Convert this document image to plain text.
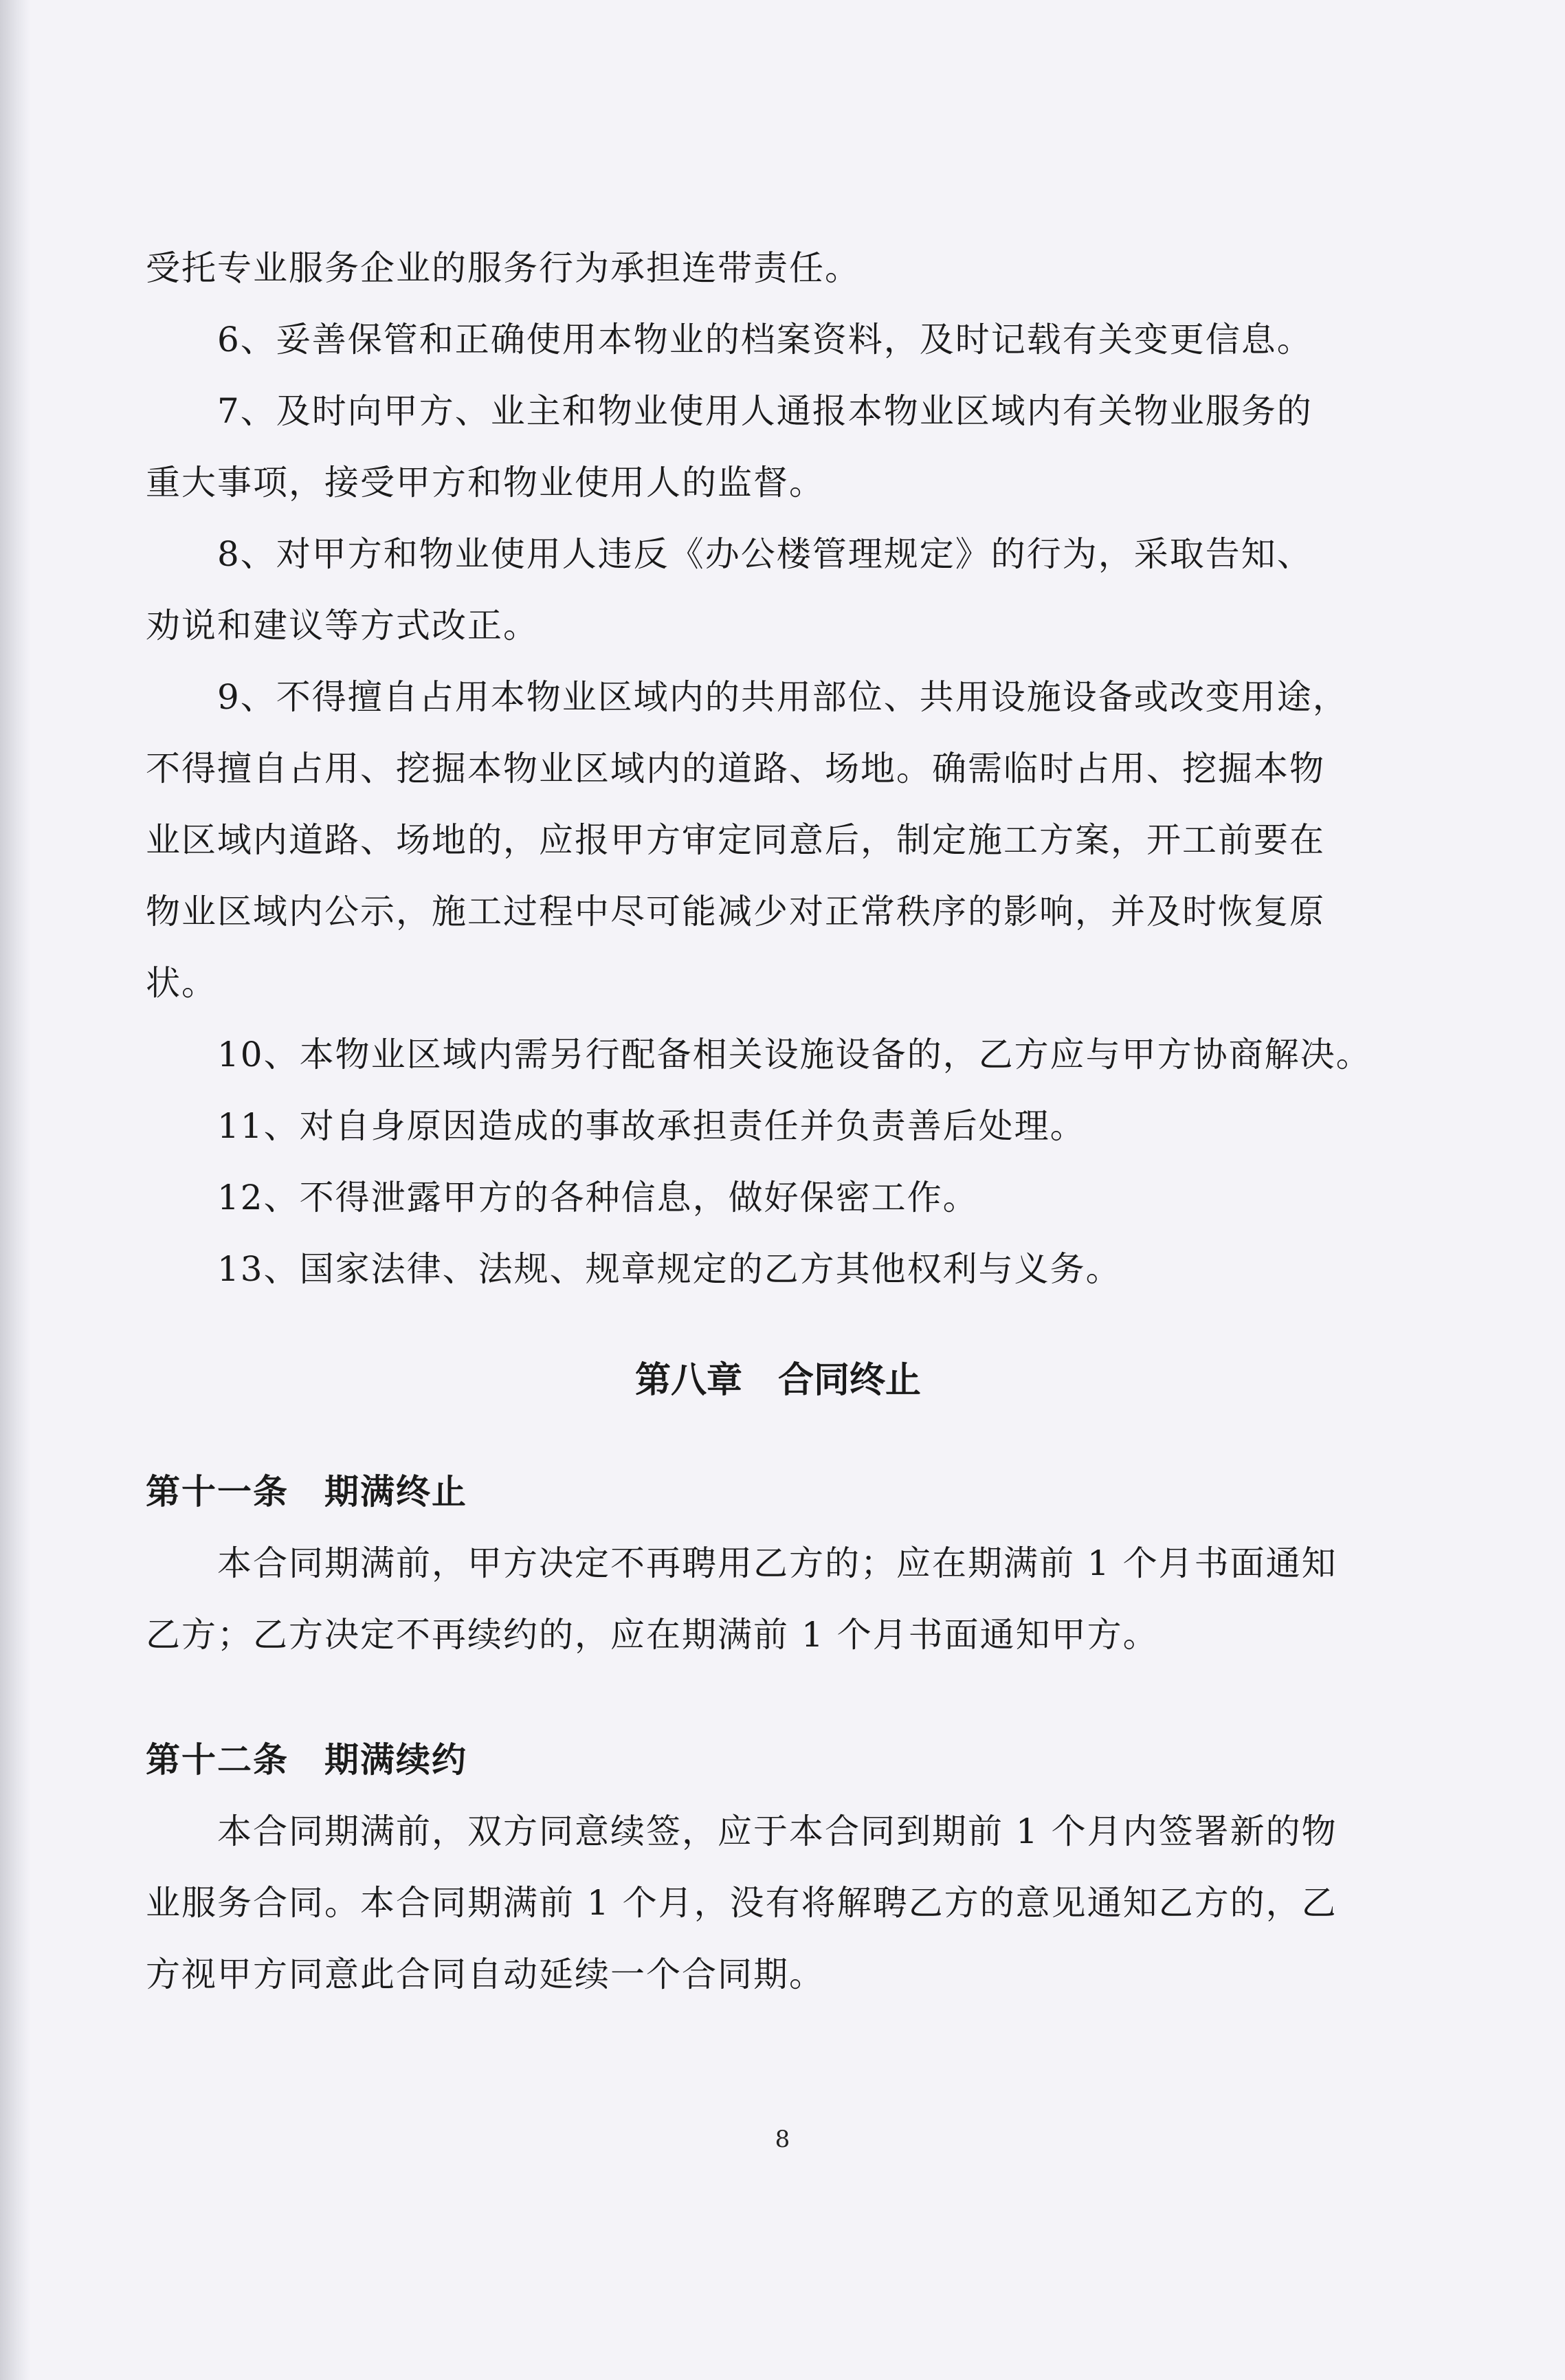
受托专业服务企业的服务行为承担连带责任。
6、妥善保管和正确使用本物业的档案资料，及时记载有关变更信息。
7、及时向甲方、业主和物业使用人通报本物业区域内有关物业服务的
重大事项，接受甲方和物业使用人的监督。
8、对甲方和物业使用人违反《办公楼管理规定》的行为，采取告知、
劝说和建议等方式改正。
9、不得擅自占用本物业区域内的共用部位、共用设施设备或改变用途，
不得擅自占用、挖掘本物业区域内的道路、场地。确需临时占用、挖掘本物
业区域内道路、场地的，应报甲方审定同意后，制定施工方案，开工前要在
物业区域内公示，施工过程中尽可能减少对正常秩序的影响，并及时恢复原
状。
10、本物业区域内需另行配备相关设施设备的，乙方应与甲方协商解决。
11、对自身原因造成的事故承担责任并负责善后处理。
12、不得泄露甲方的各种信息，做好保密工作。
13、国家法律、法规、规章规定的乙方其他权利与义务。
第八章　合同终止
第十一条　期满终止
本合同期满前，甲方决定不再聘用乙方的；应在期满前 1 个月书面通知
乙方；乙方决定不再续约的，应在期满前 1 个月书面通知甲方。
第十二条　期满续约
本合同期满前，双方同意续签，应于本合同到期前 1 个月内签署新的物
业服务合同。本合同期满前 1 个月，没有将解聘乙方的意见通知乙方的，乙
方视甲方同意此合同自动延续一个合同期。
8
